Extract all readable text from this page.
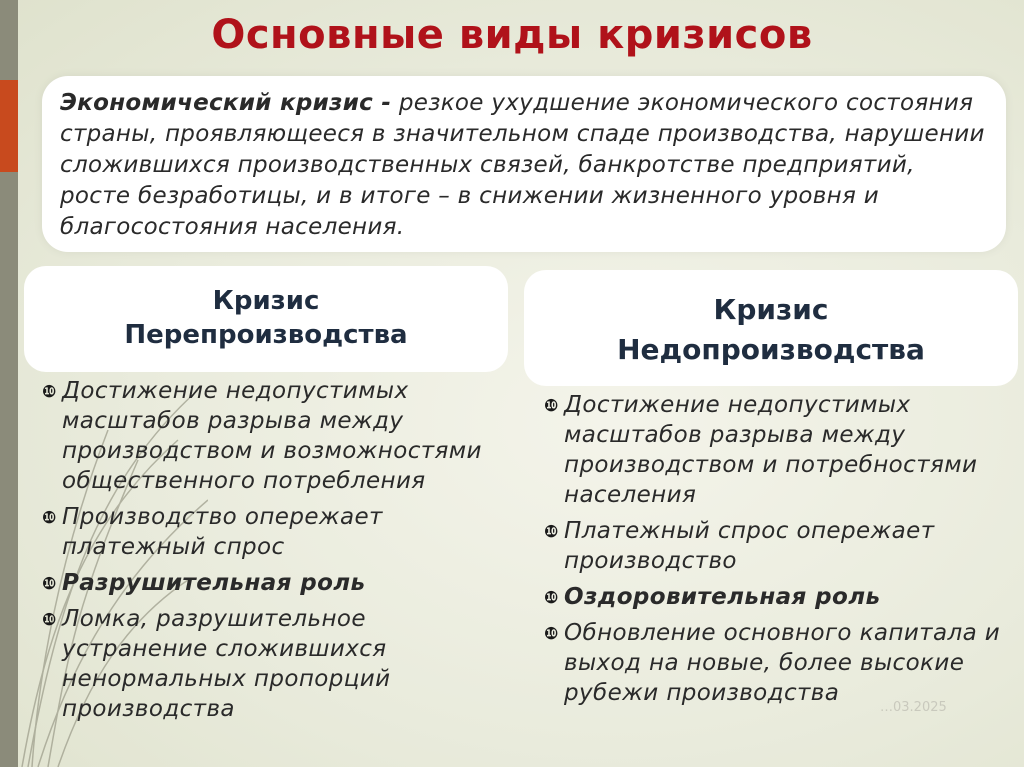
Основные виды кризисов
Экономический кризис - резкое ухудшение экономического состояния страны, проявляющееся в значительном спаде производства, нарушении сложившихся производственных связей, банкротстве предприятий, росте безработицы, и в итоге – в снижении жизненного уровня и благосостояния населения.
Кризис
Перепроизводства
Кризис
Недопроизводства
❿ Достижение недопустимых масштабов разрыва между производством и возможностями общественного потребления
❿ Производство опережает платежный спрос
❿ Разрушительная роль
❿ Ломка, разрушительное устранение сложившихся ненормальных пропорций производства
❿ Достижение недопустимых масштабов разрыва между производством и потребностями населения
❿ Платежный спрос опережает производство
❿ Оздоровительная роль
❿ Обновление основного капитала и выход на новые, более высокие рубежи производства
…03.2025
